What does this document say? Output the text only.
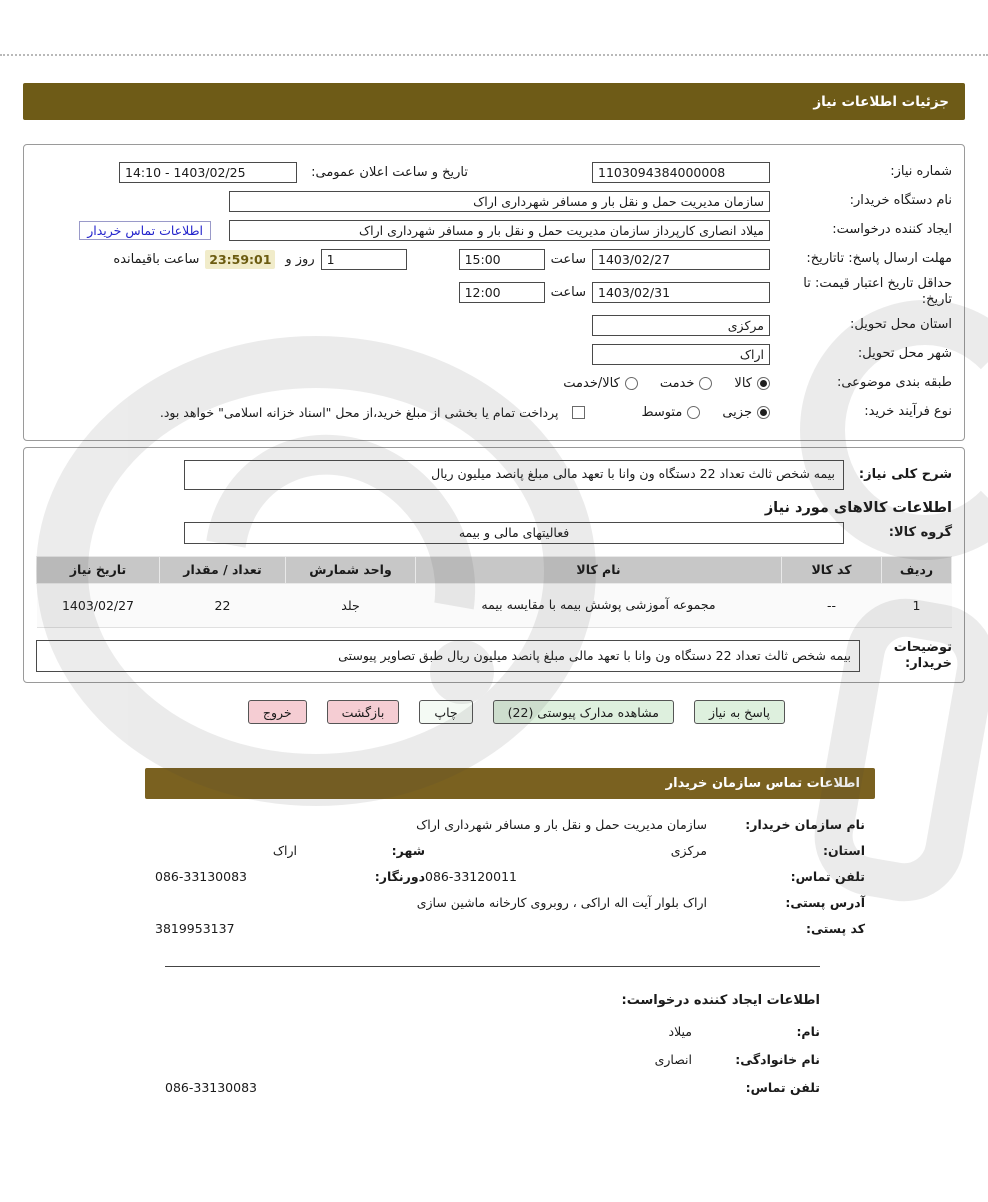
جزئیات اطلاعات نیاز
شماره نیاز:
1103094384000008
تاریخ و ساعت اعلان عمومی:
14:10 - 1403/02/25
نام دستگاه خریدار:
سازمان مدیریت حمل و نقل بار و مسافر شهرداری اراک
ایجاد کننده درخواست:
میلاد انصاری کارپرداز سازمان مدیریت حمل و نقل بار و مسافر شهرداری اراک
اطلاعات تماس خریدار
مهلت ارسال پاسخ: تاتاریخ:
1403/02/27
ساعت
15:00
1
روز و
23:59:01
ساعت باقیمانده
حداقل تاریخ اعتبار قیمت: تا تاریخ:
1403/02/31
ساعت
12:00
استان محل تحویل:
مرکزی
شهر محل تحویل:
اراک
طبقه بندی موضوعی:
کالا
خدمت
کالا/خدمت
نوع فرآیند خرید:
جزیی
متوسط
پرداخت تمام یا بخشی از مبلغ خرید،از محل "اسناد خزانه اسلامی" خواهد بود.
شرح کلی نیاز:
بیمه شخص ثالث تعداد 22 دستگاه ون وانا با تعهد مالی مبلغ پانصد میلیون ریال
اطلاعات کالاهای مورد نیاز
گروه کالا:
فعالیتهای مالی و بیمه
ردیف	کد کالا	نام کالا	واحد شمارش	تعداد / مقدار	تاریخ نیاز
1	--	مجموعه آموزشی پوشش بیمه با مقایسه بیمه	جلد	22	1403/02/27
توضیحات خریدار:
بیمه شخص ثالث تعداد 22 دستگاه ون وانا با تعهد مالی مبلغ پانصد میلیون ریال طبق تصاویر پیوستی
پاسخ به نیاز
مشاهده مدارک پیوستی (22)
چاپ
بازگشت
خروج
اطلاعات تماس سازمان خریدار
نام سازمان خریدار:
سازمان مدیریت حمل و نقل بار و مسافر شهرداری اراک
استان:
مرکزی
شهر:
اراک
تلفن تماس:
086-33120011
دورنگار:
086-33130083
آدرس پستی:
اراک بلوار آیت اله اراکی ، روبروی کارخانه ماشین سازی
کد پستی:
3819953137
اطلاعات ایجاد کننده درخواست:
نام:
میلاد
نام خانوادگی:
انصاری
تلفن تماس:
086-33130083
